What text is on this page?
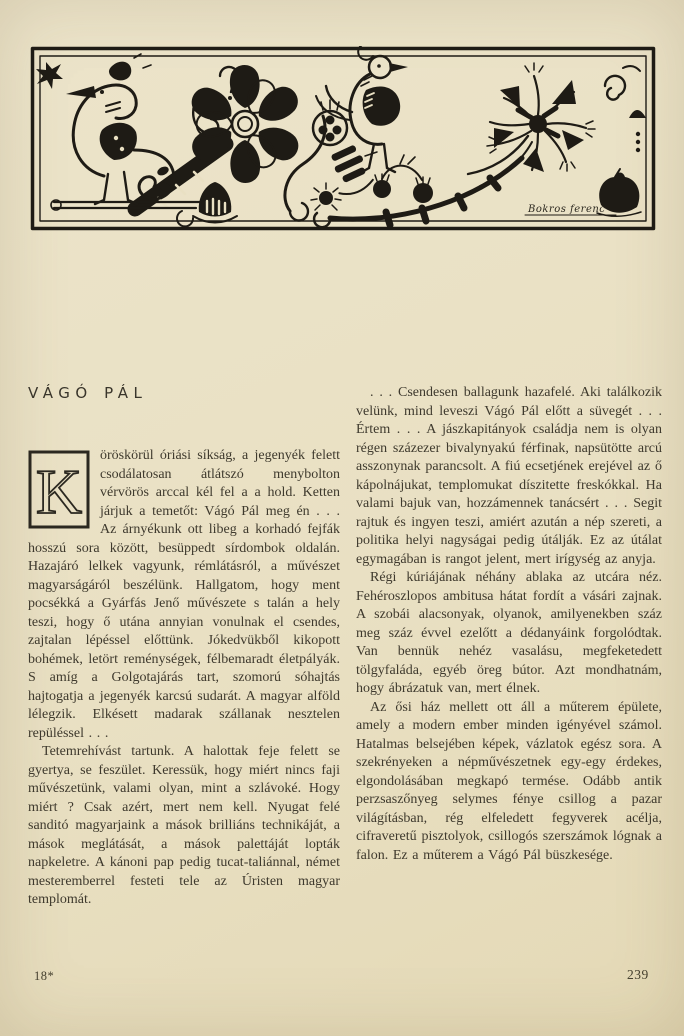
Bokros ferenc
VÁGÓ PÁL
K

öröskörül óriási síkság, a jegenyék felett csodálatosan átlátszó menybolton vérvörös arccal kél fel a a hold. Ketten járjuk a temetőt: Vágó Pál meg én . . . Az árnyékunk ott libeg a korhadó fejfák hosszú sora között, besüppedt sírdombok oldalán. Hazajáró lelkek vagyunk, rémlátásról, a művészet magyarságáról beszélünk. Hallgatom, hogy ment pocsékká a Gyárfás Jenő művészete s talán a hely teszi, hogy ő utána annyian vonulnak el csendes, zajtalan lépéssel előttünk. Jókedvükből kikopott bohémek, letört reménységek, félbemaradt életpályák. S amíg a Golgotajárás tart, szomorú sóhajtás hajtogatja a jegenyék karcsú sudarát. A magyar alföld lélegzik. Elkésett madarak szállanak nesztelen repüléssel . . .

Tetemrehívást tartunk. A halottak feje felett se gyertya, se feszület. Keressük, hogy miért nincs faji művészetünk, valami olyan, mint a szlávoké. Hogy miért ? Csak azért, mert nem kell. Nyugat felé sanditó magyarjaink a mások brilliáns technikáját, a mások meglátását, a mások palettáját lopták napkeletre. A kánoni pap pedig tucat-taliánnal, német mesteremberrel festeti tele az Úristen magyar templomát.

. . . Csendesen ballagunk hazafelé. Aki találkozik velünk, mind leveszi Vágó Pál előtt a süvegét . . . Értem . . . A jászkapitányok családja nem is olyan régen százezer bivalynyakú férfinak, napsütötte arcú asszonynak parancsolt. A fiú ecsetjének erejével az ő kápolnájukat, templomukat díszitette freskókkal. Ha valami bajuk van, hozzámennek tanácsért . . . Segit rajtuk és ingyen teszi, amiért azután a nép szereti, a politika helyi nagyságai pedig útálják. Ez az útálat egymagában is rangot jelent, mert irígység az anyja.

Régi kúriájának néhány ablaka az utcára néz. Fehéroszlopos ambitusa hátat fordít a vásári zajnak. A szobái alacsonyak, olyanok, amilyenekben száz meg száz évvel ezelőtt a dédanyáink forgolódtak. Van bennük nehéz vasalásu, megfeketedett tölgyfaláda, egyéb öreg bútor. Azt mondhatnám, hogy ábrázatuk van, mert élnek.

Az ősi ház mellett ott áll a műterem épülete, amely a modern ember minden igényével számol. Hatalmas belsejében képek, vázlatok egész sora. A szekrényeken a népművészetnek egy-egy érdekes, elgondolásában megkapó termése. Odább antik perzsaszőnyeg selymes fénye csillog a pazar világításban, rég elfeledett fegyverek acélja, cifraveretű pisztolyok, csillogós szerszámok lógnak a falon. Ez a műterem a Vágó Pál büszkesége.

18*	239
